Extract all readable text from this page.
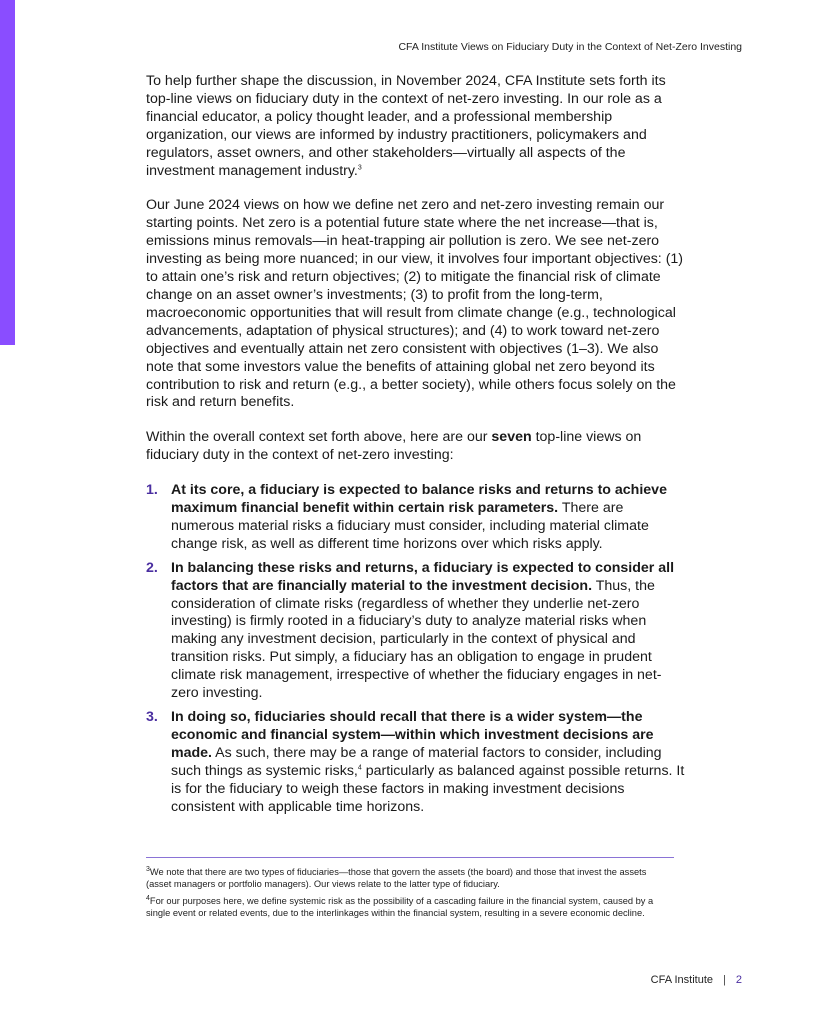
CFA Institute Views on Fiduciary Duty in the Context of Net-Zero Investing

To help further shape the discussion, in November 2024, CFA Institute sets forth its top-line views on fiduciary duty in the context of net-zero investing. In our role as a financial educator, a policy thought leader, and a professional membership organization, our views are informed by industry practitioners, policymakers and regulators, asset owners, and other stakeholders—virtually all aspects of the investment management industry.$^3$

Our June 2024 views on how we define net zero and net-zero investing remain our starting points. Net zero is a potential future state where the net increase—that is, emissions minus removals—in heat-trapping air pollution is zero. We see net-zero investing as being more nuanced; in our view, it involves four important objectives: (1) to attain one’s risk and return objectives; (2) to mitigate the financial risk of climate change on an asset owner’s investments; (3) to profit from the long-term, macroeconomic opportunities that will result from climate change (e.g., technological advancements, adaptation of physical structures); and (4) to work toward net-zero objectives and eventually attain net zero consistent with objectives (1–3). We also note that some investors value the benefits of attaining global net zero beyond its contribution to risk and return (e.g., a better society), while others focus solely on the risk and return benefits.

Within the overall context set forth above, here are our seven top-line views on fiduciary duty in the context of net-zero investing:

1. At its core, a fiduciary is expected to balance risks and returns to achieve maximum financial benefit within certain risk parameters. There are numerous material risks a fiduciary must consider, including material climate change risk, as well as different time horizons over which risks apply.
2. In balancing these risks and returns, a fiduciary is expected to consider all factors that are financially material to the investment decision. Thus, the consideration of climate risks (regardless of whether they underlie net-zero investing) is firmly rooted in a fiduciary’s duty to analyze material risks when making any investment decision, particularly in the context of physical and transition risks. Put simply, a fiduciary has an obligation to engage in prudent climate risk management, irrespective of whether the fiduciary engages in net-zero investing.
3. In doing so, fiduciaries should recall that there is a wider system—the economic and financial system—within which investment decisions are made. As such, there may be a range of material factors to consider, including such things as systemic risks,$^4$ particularly as balanced against possible returns. It is for the fiduciary to weigh these factors in making investment decisions consistent with applicable time horizons.

$^3$We note that there are two types of fiduciaries—those that govern the assets (the board) and those that invest the assets (asset managers or portfolio managers). Our views relate to the latter type of fiduciary.

$^4$For our purposes here, we define systemic risk as the possibility of a cascading failure in the financial system, caused by a single event or related events, due to the interlinkages within the financial system, resulting in a severe economic decline.

CFA Institute | 2
